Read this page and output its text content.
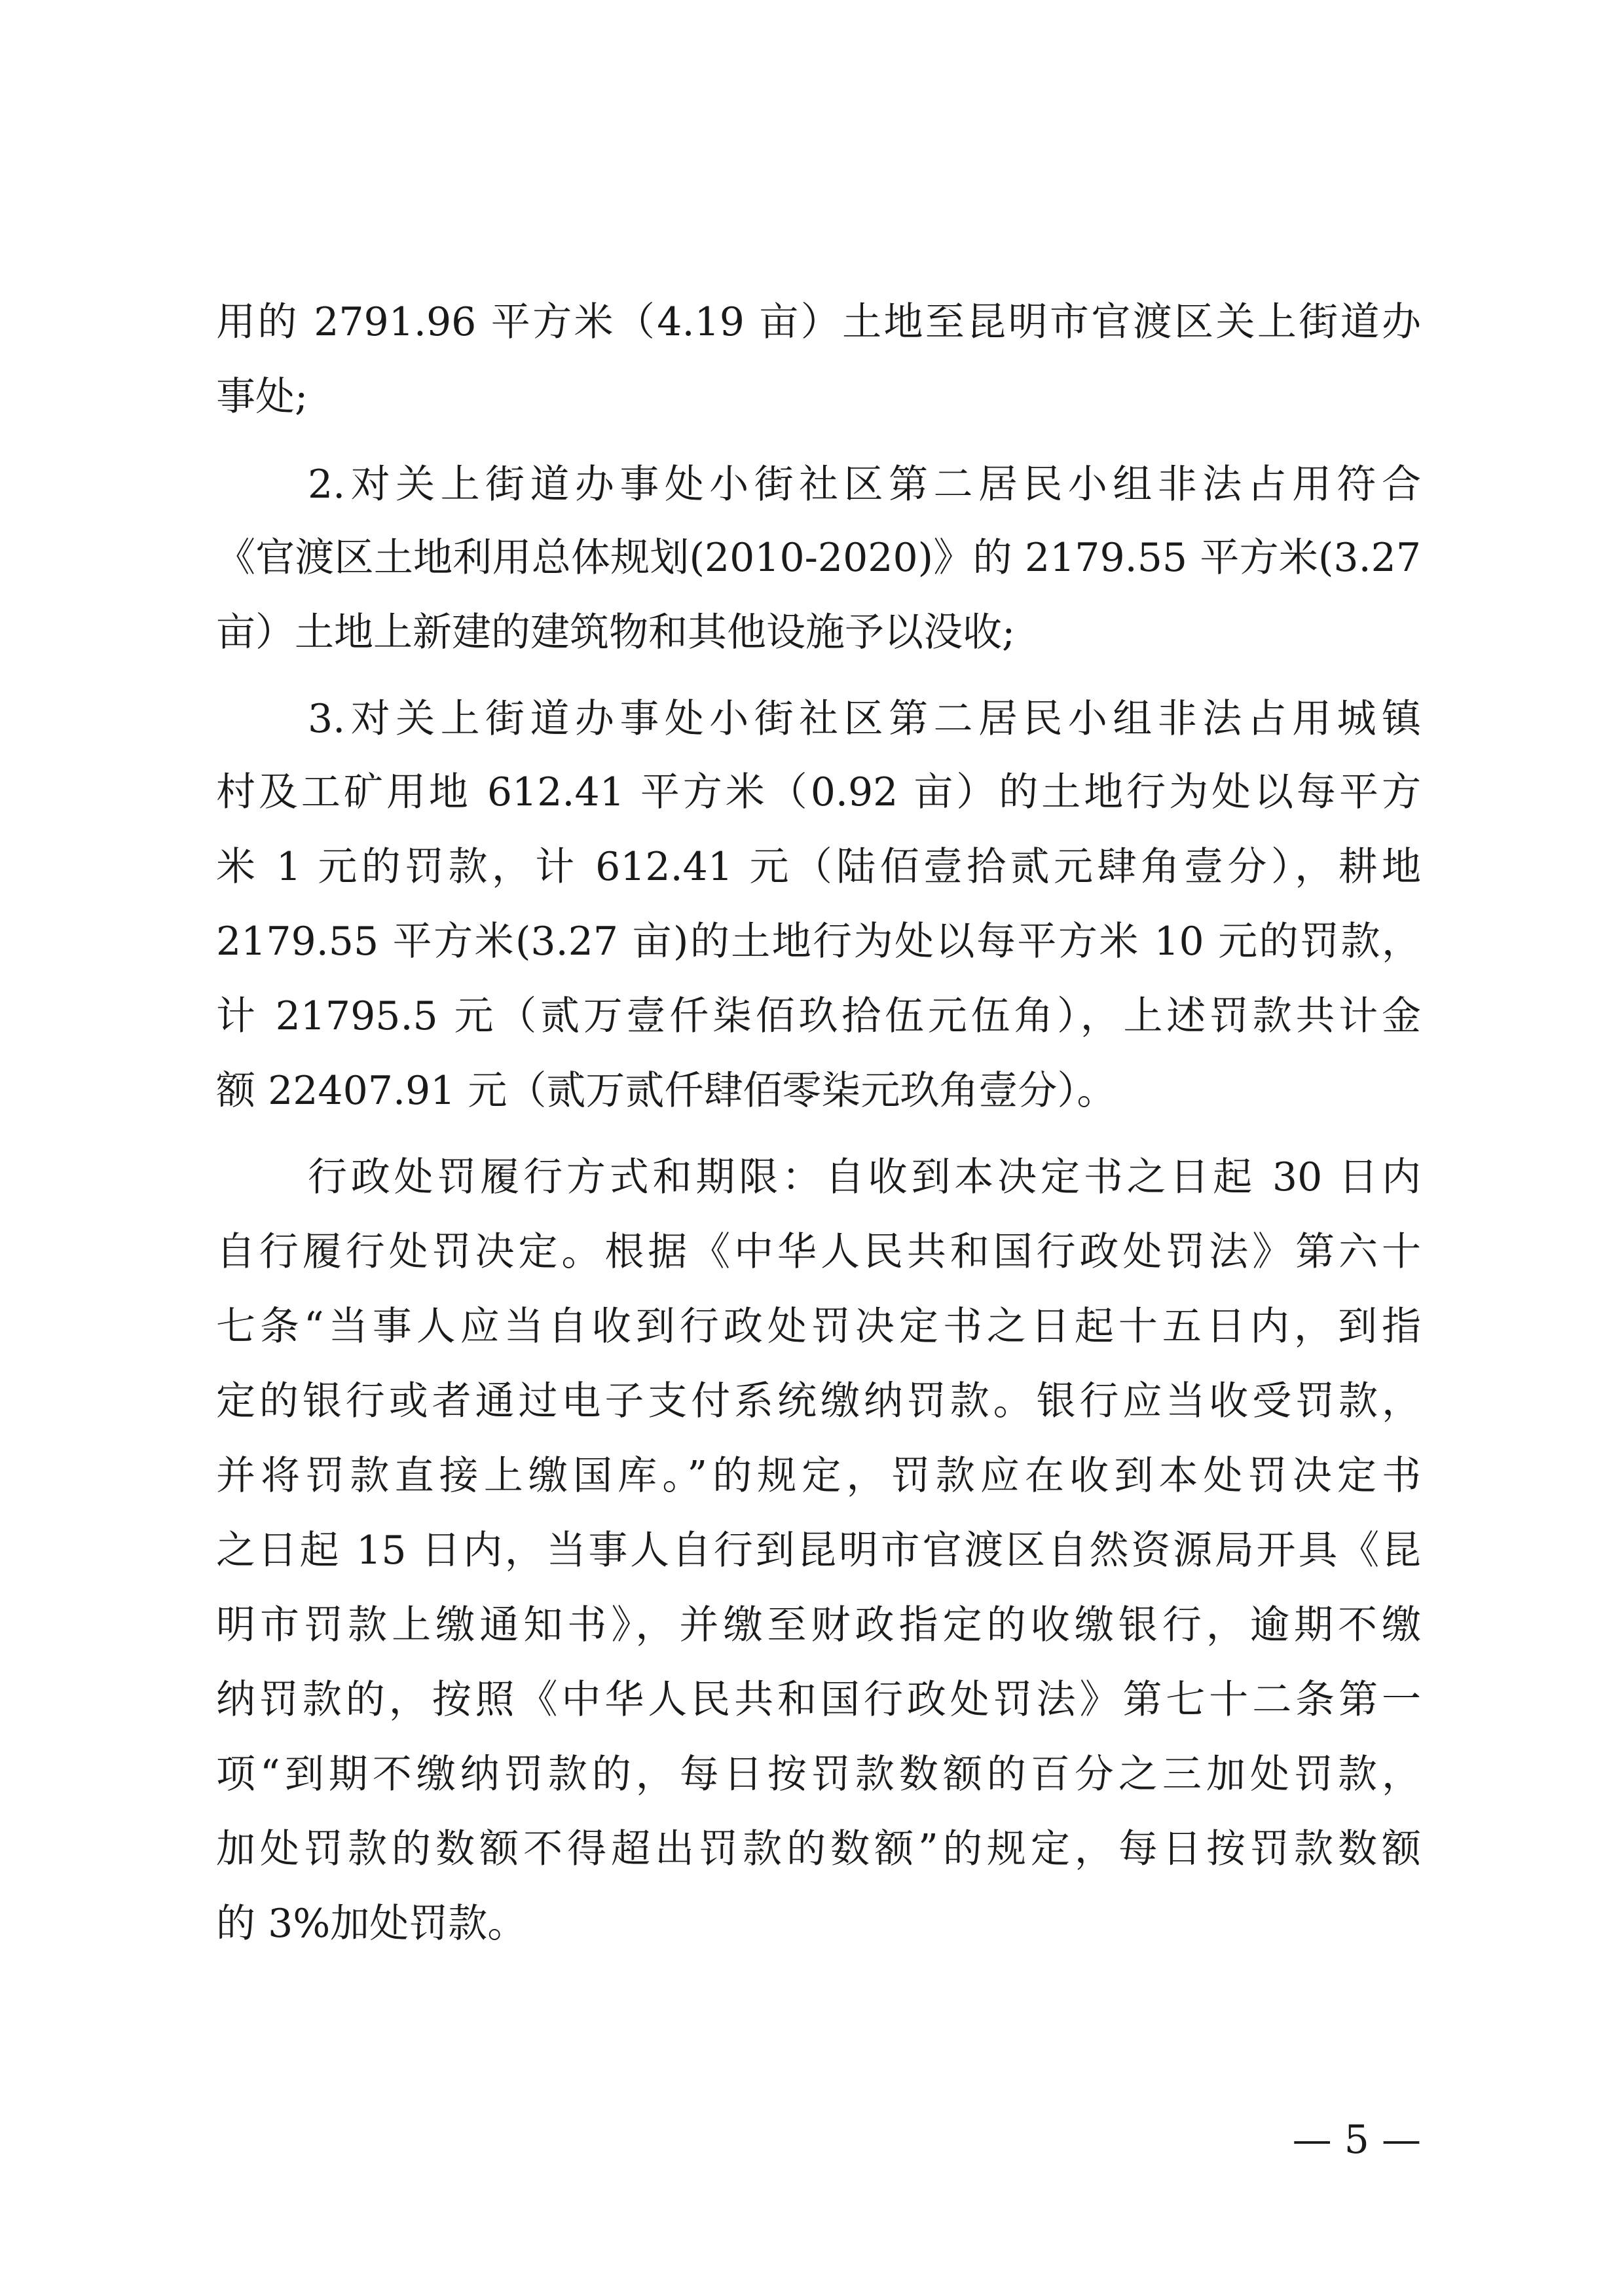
用的 2791.96 平方米（4.19 亩）土地至昆明市官渡区关上街道办

事处;

2.对关上街道办事处小街社区第二居民小组非法占用符合

《官渡区土地利用总体规划(2010-2020)》的 2179.55 平方米(3.27

亩）土地上新建的建筑物和其他设施予以没收;

3.对关上街道办事处小街社区第二居民小组非法占用城镇

村及工矿用地 612.41 平方米（0.92 亩）的土地行为处以每平方

米 1 元的罚款，计 612.41 元（陆佰壹拾贰元肆角壹分），耕地

2179.55 平方米(3.27 亩)的土地行为处以每平方米 10 元的罚款，

计 21795.5 元（贰万壹仟柒佰玖拾伍元伍角），上述罚款共计金

额 22407.91 元（贰万贰仟肆佰零柒元玖角壹分）。

行政处罚履行方式和期限：自收到本决定书之日起 30 日内

自行履行处罚决定。根据《中华人民共和国行政处罚法》第六十

七条“当事人应当自收到行政处罚决定书之日起十五日内，到指

定的银行或者通过电子支付系统缴纳罚款。银行应当收受罚款，

并将罚款直接上缴国库。”的规定，罚款应在收到本处罚决定书

之日起 15 日内，当事人自行到昆明市官渡区自然资源局开具《昆

明市罚款上缴通知书》，并缴至财政指定的收缴银行，逾期不缴

纳罚款的，按照《中华人民共和国行政处罚法》第七十二条第一

项“到期不缴纳罚款的，每日按罚款数额的百分之三加处罚款，

加处罚款的数额不得超出罚款的数额”的规定，每日按罚款数额

的 3%加处罚款。

— 5 —
